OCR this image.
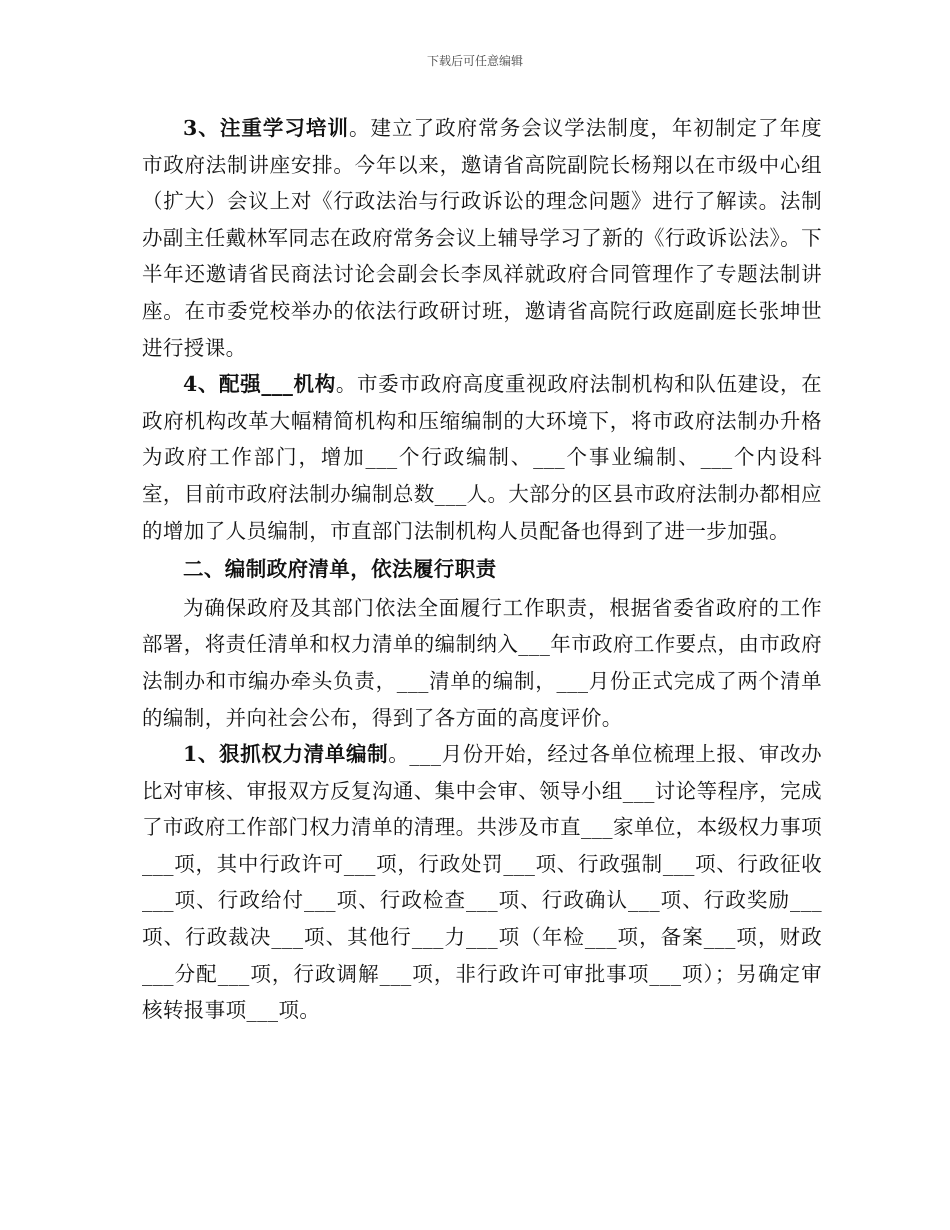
下载后可任意编辑

3、注重学习培训。建立了政府常务会议学法制度，年初制定了年度市政府法制讲座安排。今年以来，邀请省高院副院长杨翔以在市级中心组（扩大）会议上对《行政法治与行政诉讼的理念问题》进行了解读。法制办副主任戴林军同志在政府常务会议上辅导学习了新的《行政诉讼法》。下半年还邀请省民商法讨论会副会长李凤祥就政府合同管理作了专题法制讲座。在市委党校举办的依法行政研讨班，邀请省高院行政庭副庭长张坤世进行授课。

4、配强___机构。市委市政府高度重视政府法制机构和队伍建设，在政府机构改革大幅精简机构和压缩编制的大环境下，将市政府法制办升格为政府工作部门，增加___个行政编制、___个事业编制、___个内设科室，目前市政府法制办编制总数___人。大部分的区县市政府法制办都相应的增加了人员编制，市直部门法制机构人员配备也得到了进一步加强。

二、编制政府清单，依法履行职责

为确保政府及其部门依法全面履行工作职责，根据省委省政府的工作部署，将责任清单和权力清单的编制纳入___年市政府工作要点，由市政府法制办和市编办牵头负责，___清单的编制，___月份正式完成了两个清单的编制，并向社会公布，得到了各方面的高度评价。

1、狠抓权力清单编制。___月份开始，经过各单位梳理上报、审改办比对审核、审报双方反复沟通、集中会审、领导小组___讨论等程序，完成了市政府工作部门权力清单的清理。共涉及市直___家单位，本级权力事项___项，其中行政许可___项，行政处罚___项、行政强制___项、行政征收___项、行政给付___项、行政检查___项、行政确认___项、行政奖励___项、行政裁决___项、其他行___力___项（年检___项，备案___项，财政___分配___项，行政调解___项，非行政许可审批事项___项）；另确定审核转报事项___项。
